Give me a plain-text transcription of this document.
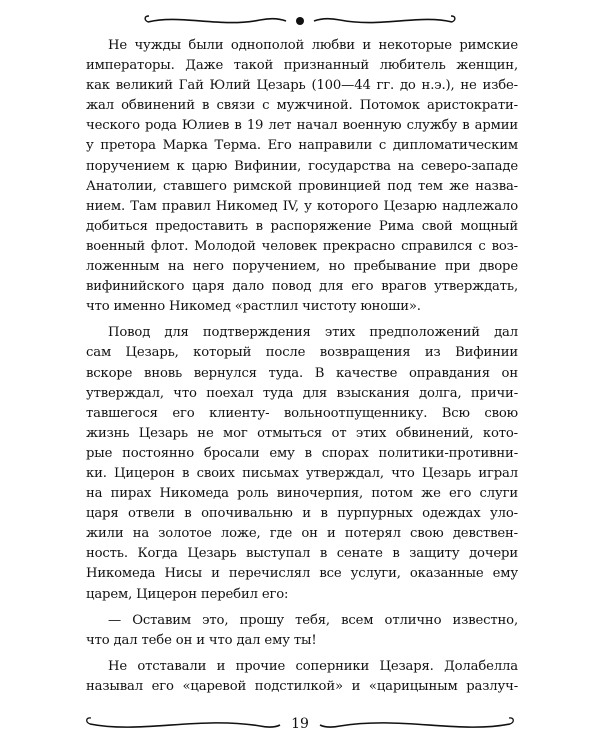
Не чужды были однополой любви и некоторые римские
императоры. Даже такой признанный любитель женщин,
как великий Гай Юлий Цезарь (100—44 гг. до н.э.), не избе-
жал обвинений в связи с мужчиной. Потомок аристократи-
ческого рода Юлиев в 19 лет начал военную службу в армии
у претора Марка Терма. Его направили с дипломатическим
поручением к царю Вифинии, государства на северо-западе
Анатолии, ставшего римской провинцией под тем же назва-
нием. Там правил Никомед IV, у которого Цезарю надлежало
добиться предоставить в распоряжение Рима свой мощный
военный флот. Молодой человек прекрасно справился с воз-
ложенным на него поручением, но пребывание при дворе
вифинийского царя дало повод для его врагов утверждать,
что именно Никомед «растлил чистоту юноши».

Повод для подтверждения этих предположений дал
сам Цезарь, который после возвращения из Вифинии
вскоре вновь вернулся туда. В качестве оправдания он
утверждал, что поехал туда для взыскания долга, причи-
тавшегося его клиенту- вольноотпущеннику. Всю свою
жизнь Цезарь не мог отмыться от этих обвинений, кото-
рые постоянно бросали ему в спорах политики-противни-
ки. Цицерон в своих письмах утверждал, что Цезарь играл
на пирах Никомеда роль виночерпия, потом же его слуги
царя отвели в опочивальню и в пурпурных одеждах уло-
жили на золотое ложе, где он и потерял свою девствен-
ность. Когда Цезарь выступал в сенате в защиту дочери
Никомеда Нисы и перечислял все услуги, оказанные ему
царем, Цицерон перебил его:

— Оставим это, прошу тебя, всем отлично известно,
что дал тебе он и что дал ему ты!

Не отставали и прочие соперники Цезаря. Долабелла
называл его «царевой подстилкой» и «царицыным разлуч-

19
